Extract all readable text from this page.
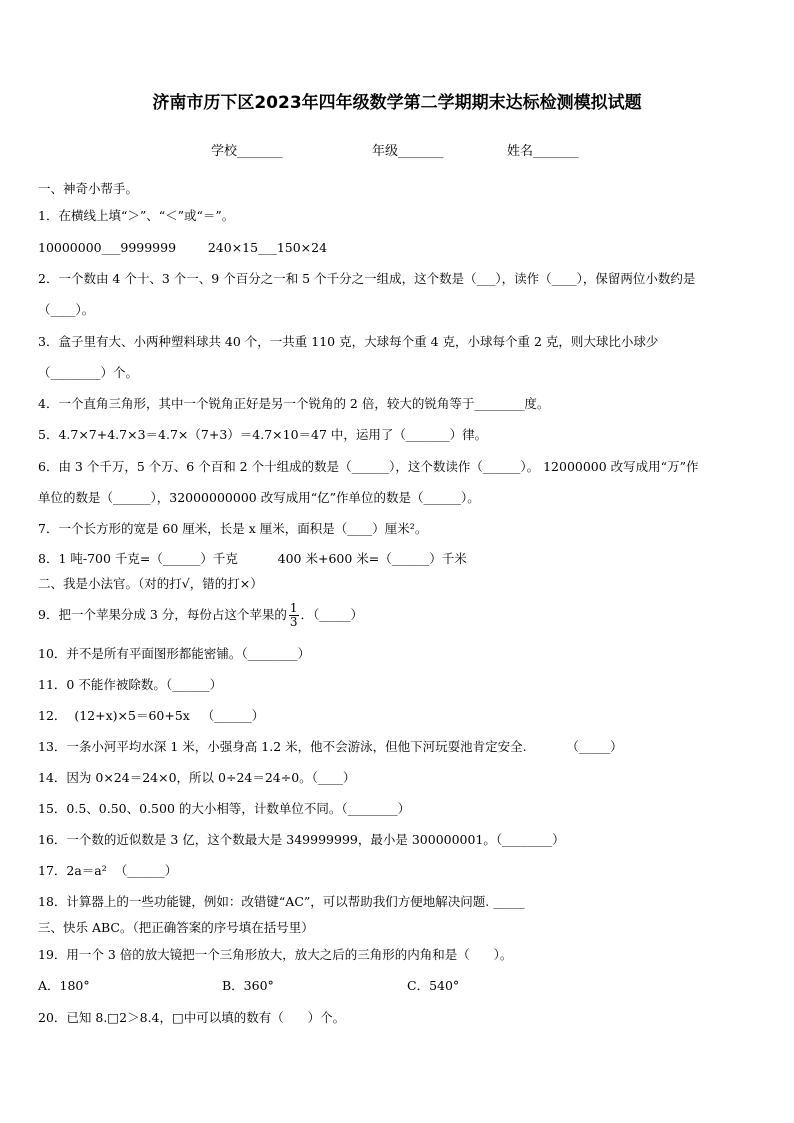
济南市历下区2023年四年级数学第二学期期末达标检测模拟试题
学校_______	年级_______	姓名_______
一、神奇小帮手。
1．在横线上填“＞”、“＜”或“＝”。
10000000___9999999        240×15___150×24
2．一个数由 4 个十、3 个一、9 个百分之一和 5 个千分之一组成，这个数是（___），读作（____），保留两位小数约是
（____）。
3．盒子里有大、小两种塑料球共 40 个，一共重 110 克，大球每个重 4 克，小球每个重 2 克，则大球比小球少
（________）个。
4．一个直角三角形，其中一个锐角正好是另一个锐角的 2 倍，较大的锐角等于________度。
5．4.7×7+4.7×3＝4.7×（7+3）＝4.7×10＝47 中，运用了（_______）律。
6．由 3 个千万，5 个万、6 个百和 2 个十组成的数是（______），这个数读作（______）。 12000000 改写成用“万”作
单位的数是（______），32000000000 改写成用“亿”作单位的数是（______）。
7．一个长方形的宽是 60 厘米，长是 x 厘米，面积是（____）厘米²。
8．1 吨-700 千克=（______）千克          400 米+600 米=（______）千米
二、我是小法官。（对的打√，错的打×）
9．把一个苹果分成 3 分，每份占这个苹果的 $\frac{1}{3}$ ．（_____）
10．并不是所有平面图形都能密铺。（________）
11．0 不能作被除数。（______）
12．  (12+x)×5＝60+5x   （______）
13．一条小河平均水深 1 米，小强身高 1.2 米，他不会游泳，但他下河玩耍池肯定安全.          （_____）
14．因为 0×24＝24×0，所以 0÷24＝24÷0。（____）
15．0.5、0.50、0.500 的大小相等，计数单位不同。（________）
16．一个数的近似数是 3 亿，这个数最大是 349999999，最小是 300000001。（________）
17．2a＝a²  （______）
18．计算器上的一些功能键，例如：改错键“AC”，可以帮助我们方便地解决问题. _____
三、快乐 ABC。（把正确答案的序号填在括号里）
19．用一个 3 倍的放大镜把一个三角形放大，放大之后的三角形的内角和是（      ）。
A．180°	B．360°	C．540°
20．已知 8.□2＞8.4，□中可以填的数有（      ）个。
